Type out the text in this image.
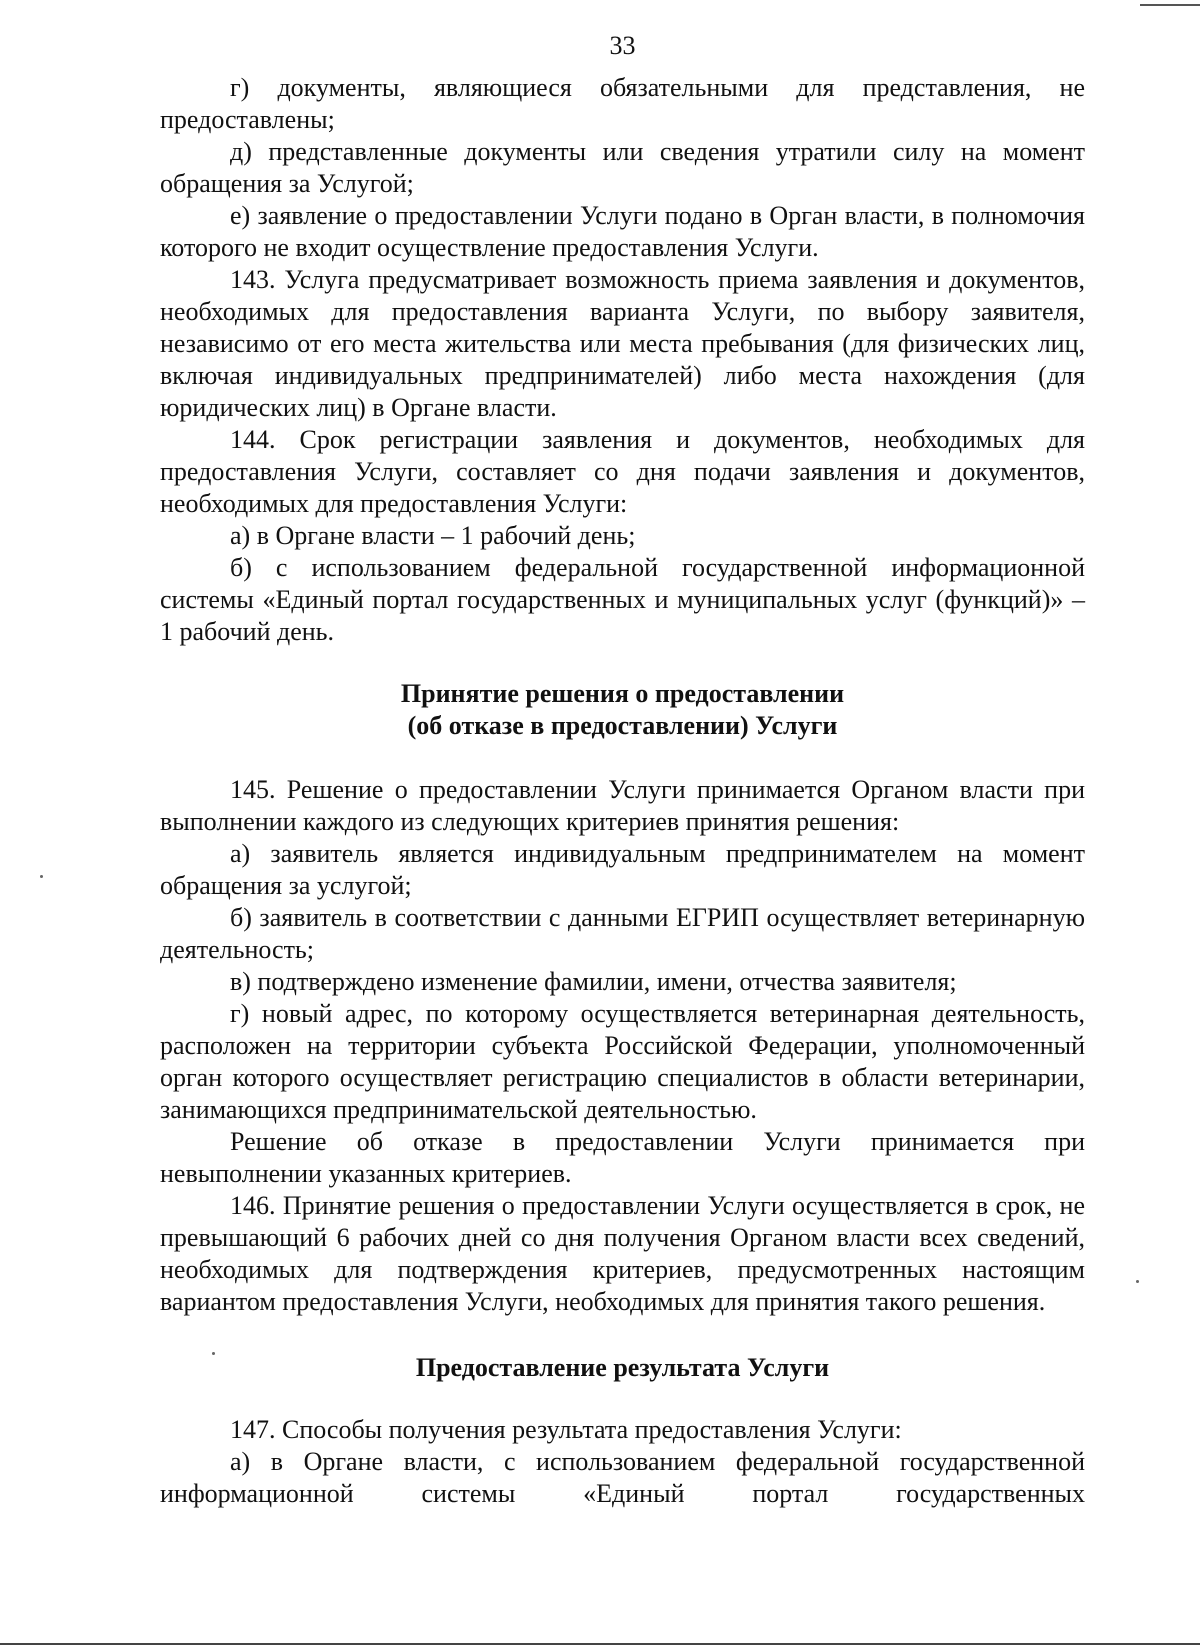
33

г) документы, являющиеся обязательными для представления, не предоставлены;

д) представленные документы или сведения утратили силу на момент обращения за Услугой;

е) заявление о предоставлении Услуги подано в Орган власти, в полномочия которого не входит осуществление предоставления Услуги.

143. Услуга предусматривает возможность приема заявления и документов, необходимых для предоставления варианта Услуги, по выбору заявителя, независимо от его места жительства или места пребывания (для физических лиц, включая индивидуальных предпринимателей) либо места нахождения (для юридических лиц) в Органе власти.

144. Срок регистрации заявления и документов, необходимых для предоставления Услуги, составляет со дня подачи заявления и документов, необходимых для предоставления Услуги:

а) в Органе власти – 1 рабочий день;

б) с использованием федеральной государственной информационной системы «Единый портал государственных и муниципальных услуг (функций)» – 1 рабочий день.

Принятие решения о предоставлении
(об отказе в предоставлении) Услуги

145. Решение о предоставлении Услуги принимается Органом власти при выполнении каждого из следующих критериев принятия решения:

а) заявитель является индивидуальным предпринимателем на момент обращения за услугой;

б) заявитель в соответствии с данными ЕГРИП осуществляет ветеринарную деятельность;

в) подтверждено изменение фамилии, имени, отчества заявителя;

г) новый адрес, по которому осуществляется ветеринарная деятельность, расположен на территории субъекта Российской Федерации, уполномоченный орган которого осуществляет регистрацию специалистов в области ветеринарии, занимающихся предпринимательской деятельностью.

Решение об отказе в предоставлении Услуги принимается при невыполнении указанных критериев.

146. Принятие решения о предоставлении Услуги осуществляется в срок, не превышающий 6 рабочих дней со дня получения Органом власти всех сведений, необходимых для подтверждения критериев, предусмотренных настоящим вариантом предоставления Услуги, необходимых для принятия такого решения.

Предоставление результата Услуги

147. Способы получения результата предоставления Услуги:

а) в Органе власти, с использованием федеральной государственной информационной системы «Единый портал государственных
